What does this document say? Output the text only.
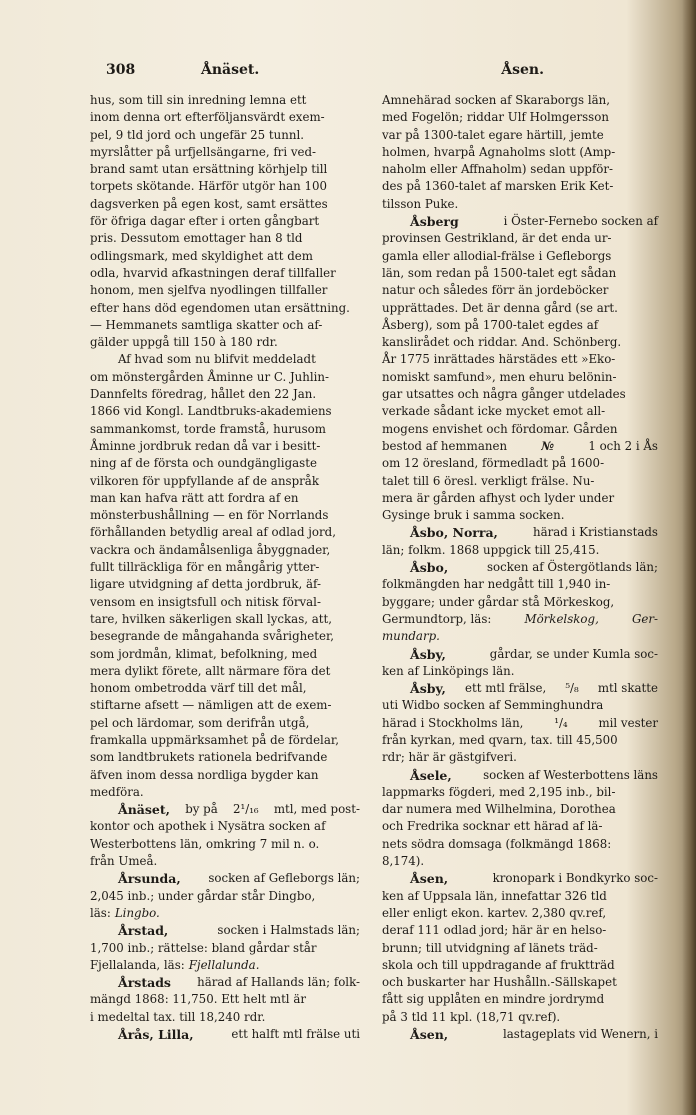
308	Ånäset.	Åsen.
hus, som till sin inredning lemna ett
inom denna ort efterföljansvärdt exem-
pel, 9 tld jord och ungefär 25 tunnl.
myrslåtter på urfjellsängarne, fri ved-
brand samt utan ersättning körhjelp till
torpets skötande. Härför utgör han 100
dagsverken på egen kost, samt ersättes
för öfriga dagar efter i orten gångbart
pris. Dessutom emottager han 8 tld
odlingsmark, med skyldighet att dem
odla, hvarvid afkastningen deraf tillfaller
honom, men sjelfva nyodlingen tillfaller
efter hans död egendomen utan ersättning.
— Hemmanets samtliga skatter och af-
gälder uppgå till 150 à 180 rdr.
Af hvad som nu blifvit meddeladt
om mönstergården Åminne ur C. Juhlin-
Dannfelts föredrag, hållet den 22 Jan.
1866 vid Kongl. Landtbruks-akademiens
sammankomst, torde framstå, hurusom
Åminne jordbruk redan då var i besitt-
ning af de första och oundgängligaste
vilkoren för uppfyllande af de anspråk
man kan hafva rätt att fordra af en
mönsterbushållning — en för Norrlands
förhållanden betydlig areal af odlad jord,
vackra och ändamålsenliga åbyggnader,
fullt tillräckliga för en mångårig ytter-
ligare utvidgning af detta jordbruk, äf-
vensom en insigtsfull och nitisk förval-
tare, hvilken säkerligen skall lyckas, att,
besegrande de mångahanda svårigheter,
som jordmån, klimat, befolkning, med
mera dylikt förete, allt närmare föra det
honom ombetrodda värf till det mål,
stiftarne afsett — nämligen att de exem-
pel och lärdomar, som derifrån utgå,
framkalla uppmärksamhet på de fördelar,
som landtbrukets rationela bedrifvande
äfven inom dessa nordliga bygder kan
medföra.
Ånäset, by på 2¹/₁₆ mtl, med post-
kontor och apothek i Nysätra socken af
Westerbottens län, omkring 7 mil n. o.
från Umeå.
Årsunda, socken af Gefleborgs län;
2,045 inb.; under gårdar står Dingbo,
läs: Lingbo.
Årstad,	socken i Halmstads län;
1,700 inb.; rättelse: bland gårdar står
Fjellalanda, läs: Fjellalunda.
Årstads härad af Hallands län; folk-
mängd 1868: 11,750. Ett helt mtl är
i medeltal tax. till 18,240 rdr.
Årås, Lilla,	ett halft mtl frälse uti
Amnehärad socken af Skaraborgs län,
med Fogelön; riddar Ulf Holmgersson
var på 1300-talet egare härtill, jemte
holmen, hvarpå Agnaholms slott (Amp-
naholm eller Affnaholm) sedan uppför-
des på 1360-talet af marsken Erik Ket-
tilsson Puke.
Åsberg	i Öster-Fernebo socken af
provinsen Gestrikland, är det enda ur-
gamla eller allodial-frälse i Gefleborgs
län, som redan på 1500-talet egt sådan
natur och således förr än jordeböcker
upprättades. Det är denna gård (se art.
Åsberg), som på 1700-talet egdes af
kanslirådet och riddar. And. Schönberg.
År 1775 inrättades härstädes ett »Eko-
nomiskt samfund», men ehuru belönin-
gar utsattes och några gånger utdelades
verkade sådant icke mycket emot all-
mogens envishet och fördomar. Gården
bestod af hemmanen	№	1 och 2 i Ås
om 12 öresland, förmedladt på 1600-
talet till 6 öresl. verkligt frälse. Nu-
mera är gården afhyst och lyder under
Gysinge bruk i samma socken.
Åsbo, Norra,	härad i Kristianstads
län; folkm. 1868 uppgick till 25,415.
Åsbo,	socken af Östergötlands län;
folkmängden har nedgått till 1,940 in-
byggare; under gårdar stå Mörkeskog,
Germundtorp, läs:	Mörkelskog,	Ger-
mundarp.
Åsby,	gårdar, se under Kumla soc-
ken af Linköpings län.
Åsby, ett mtl frälse, ⁵/₈ mtl skatte
uti Widbo socken af Semminghundra
härad i Stockholms län,	¹/₄	mil vester
från kyrkan, med qvarn, tax. till 45,500
rdr; här är gästgifveri.
Åsele,	socken af Westerbottens läns
lappmarks fögderi, med 2,195 inb., bil-
dar numera med Wilhelmina, Dorothea
och Fredrika socknar ett härad af lä-
nets södra domsaga (folkmängd 1868:
8,174).
Åsen,	kronopark i Bondkyrko soc-
ken af Uppsala län, innefattar 326 tld
eller enligt ekon. kartev. 2,380 qv.ref,
deraf 111 odlad jord; här är en helso-
brunn; till utvidgning af länets träd-
skola och till uppdragande af fruktträd
och buskarter har Hushålln.-Sällskapet
fått sig upplåten en mindre jordrymd
på 3 tld 11 kpl. (18,71 qv.ref).
Åsen,	lastageplats vid Wenern, i
